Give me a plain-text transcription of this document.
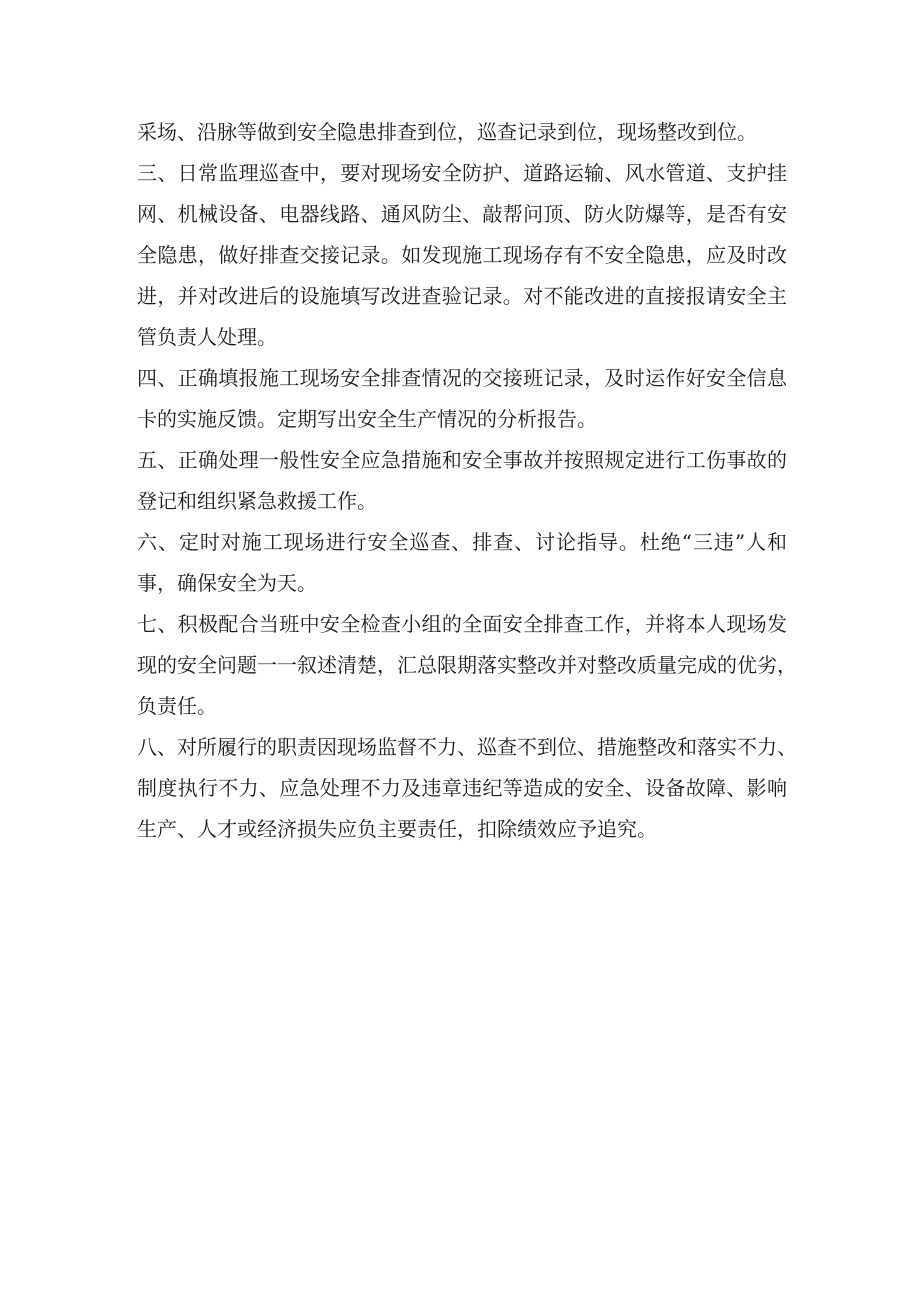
采场、沿脉等做到安全隐患排查到位，巡查记录到位，现场整改到位。
三、日常监理巡查中，要对现场安全防护、道路运输、风水管道、支护挂
网、机械设备、电器线路、通风防尘、敲帮问顶、防火防爆等，是否有安
全隐患，做好排查交接记录。如发现施工现场存有不安全隐患，应及时改
进，并对改进后的设施填写改进查验记录。对不能改进的直接报请安全主
管负责人处理。
四、正确填报施工现场安全排查情况的交接班记录，及时运作好安全信息
卡的实施反馈。定期写出安全生产情况的分析报告。
五、正确处理一般性安全应急措施和安全事故并按照规定进行工伤事故的
登记和组织紧急救援工作。
六、定时对施工现场进行安全巡查、排查、讨论指导。杜绝“三违”人和
事，确保安全为天。
七、积极配合当班中安全检查小组的全面安全排查工作，并将本人现场发
现的安全问题一一叙述清楚，汇总限期落实整改并对整改质量完成的优劣，
负责任。
八、对所履行的职责因现场监督不力、巡查不到位、措施整改和落实不力、
制度执行不力、应急处理不力及违章违纪等造成的安全、设备故障、影响
生产、人才或经济损失应负主要责任，扣除绩效应予追究。
